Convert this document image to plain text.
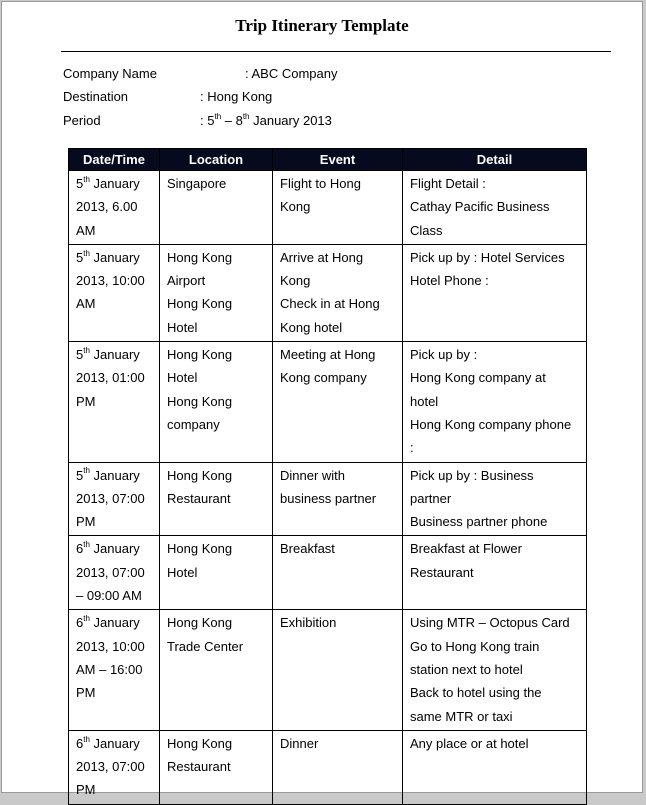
Trip Itinerary Template
Company Name	: ABC Company
Destination	: Hong Kong
Period	: 5th – 8th January 2013
Date/Time	Location	Event	Detail

5th January
2013, 6.00
AM	Singapore	Flight to Hong
Kong	Flight Detail :
Cathay Pacific Business
Class

5th January
2013, 10:00
AM	Hong Kong
Airport
Hong Kong
Hotel	Arrive at Hong
Kong
Check in at Hong
Kong hotel	Pick up by : Hotel Services
Hotel Phone :

5th January
2013, 01:00
PM	Hong Kong
Hotel
Hong Kong
company	Meeting at Hong
Kong company	Pick up by :
Hong Kong company at
hotel
Hong Kong company phone
:

5th January
2013, 07:00
PM	Hong Kong
Restaurant	Dinner with
business partner	Pick up by : Business
partner
Business partner phone

6th January
2013, 07:00
– 09:00 AM	Hong Kong
Hotel	Breakfast	Breakfast at Flower
Restaurant

6th January
2013, 10:00
AM – 16:00
PM	Hong Kong
Trade Center	Exhibition	Using MTR – Octopus Card
Go to Hong Kong train
station next to hotel
Back to hotel using the
same MTR or taxi

6th January
2013, 07:00
PM	Hong Kong
Restaurant	Dinner	Any place or at hotel
